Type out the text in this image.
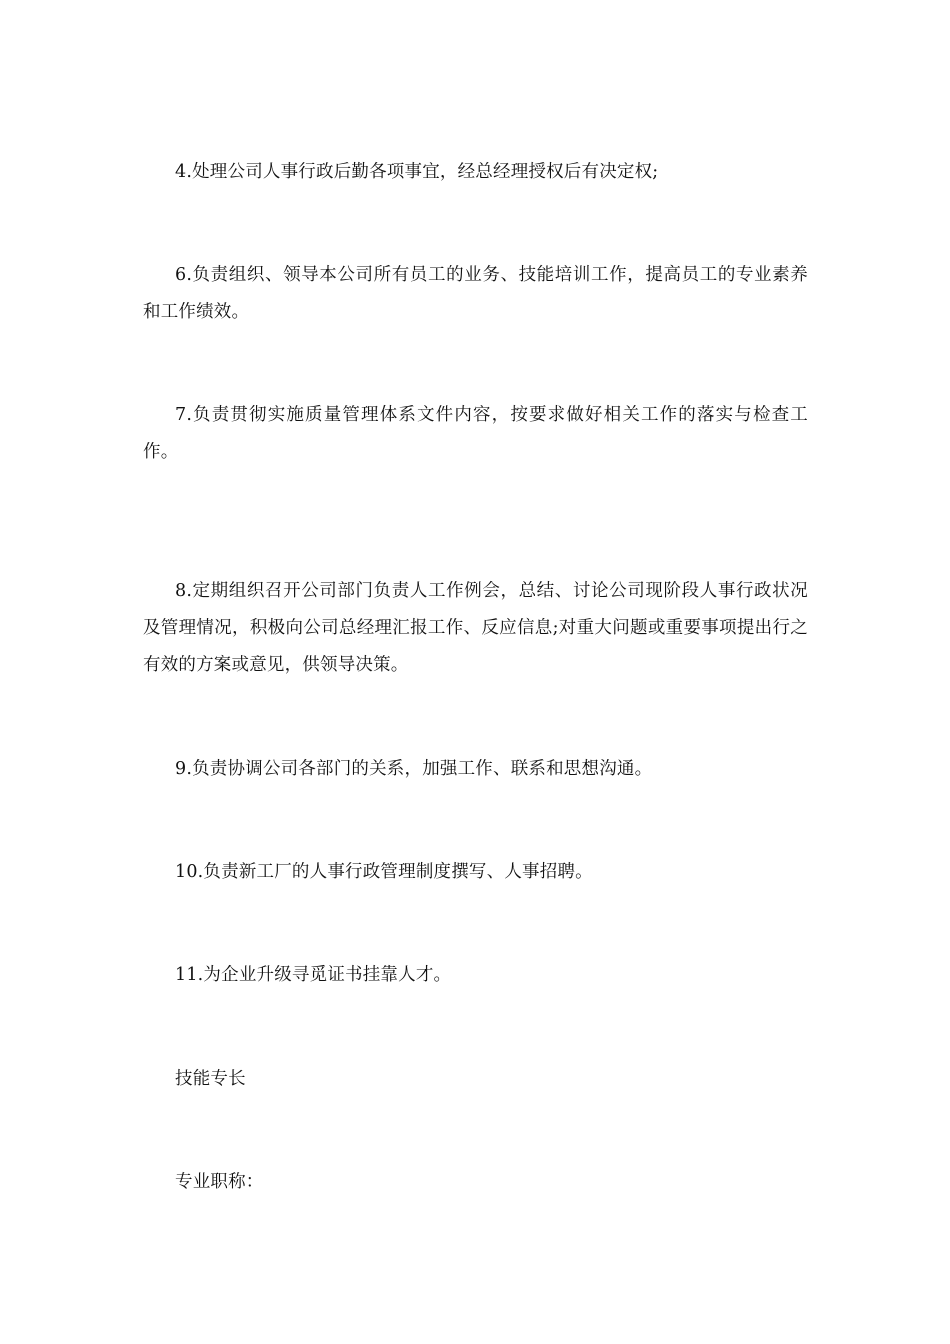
4.处理公司人事行政后勤各项事宜，经总经理授权后有决定权;

6.负责组织、领导本公司所有员工的业务、技能培训工作，提高员工的专业素养和工作绩效。

7.负责贯彻实施质量管理体系文件内容，按要求做好相关工作的落实与检查工作。

8.定期组织召开公司部门负责人工作例会，总结、讨论公司现阶段人事行政状况及管理情况，积极向公司总经理汇报工作、反应信息;对重大问题或重要事项提出行之有效的方案或意见，供领导决策。

9.负责协调公司各部门的关系，加强工作、联系和思想沟通。

10.负责新工厂的人事行政管理制度撰写、人事招聘。

11.为企业升级寻觅证书挂靠人才。

技能专长

专业职称：
